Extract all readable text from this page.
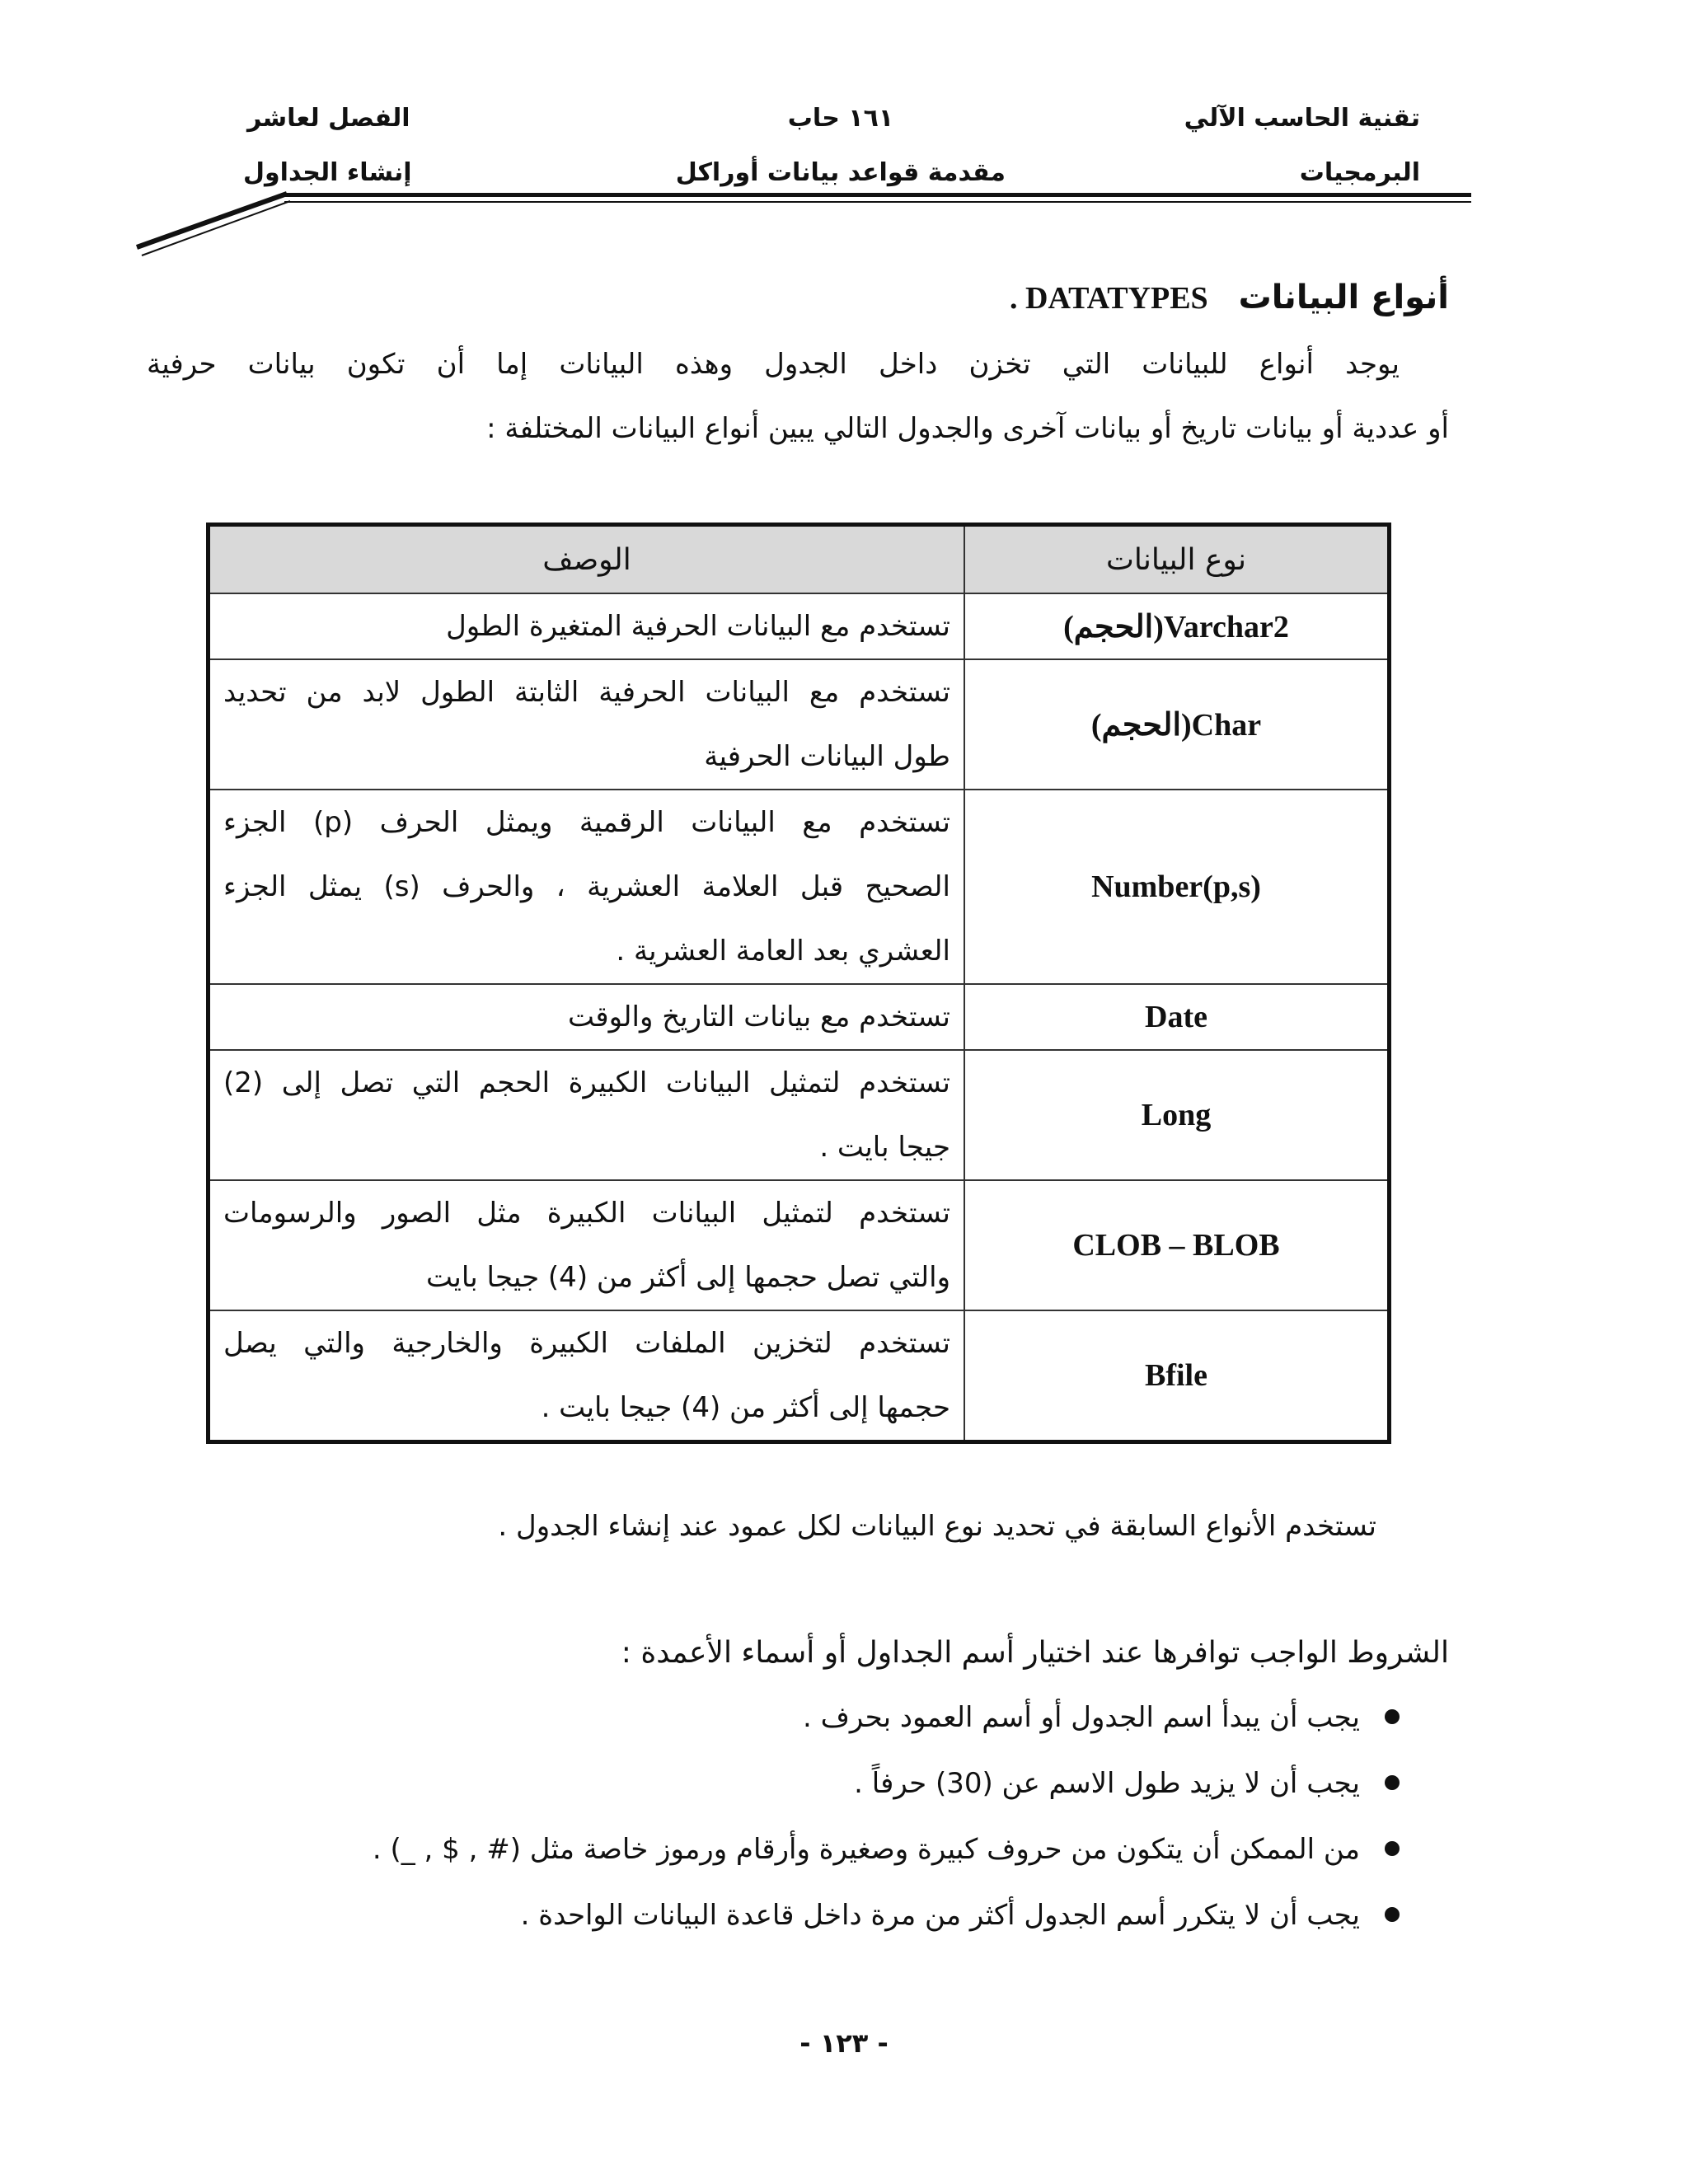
تقنية الحاسب الآلي
البرمجيات
١٦١ حاب
مقدمة قواعد بيانات أوراكل
الفصل لعاشر
إنشاء الجداول
أنواع البيانات
. DATATYPES
يوجد أنواع للبيانات التي تخزن داخل الجدول وهذه البيانات إما أن تكون بيانات حرفية
أو عددية أو بيانات تاريخ أو بيانات آخرى والجدول التالي يبين أنواع البيانات المختلفة :
نوع البيانات	الوصف
Varchar2(الحجم)	تستخدم مع البيانات الحرفية المتغيرة الطول

Char(الحجم)	تستخدم مع البيانات الحرفية الثابتة الطول لابد من تحديد
طول البيانات الحرفية

Number(p,s)	تستخدم مع البيانات الرقمية ويمثل الحرف (p) الجزء
الصحيح قبل العلامة العشرية ، والحرف (s) يمثل الجزء
العشري بعد العامة العشرية .

Date	تستخدم مع بيانات التاريخ والوقت

Long	تستخدم لتمثيل البيانات الكبيرة الحجم التي تصل إلى (2)
جيجا بايت .

CLOB – BLOB	تستخدم لتمثيل البيانات الكبيرة مثل الصور والرسومات
والتي تصل حجمها إلى أكثر من (4) جيجا بايت

Bfile	تستخدم لتخزين الملفات الكبيرة والخارجية والتي يصل
حجمها إلى أكثر من (4) جيجا بايت .
تستخدم الأنواع السابقة في تحديد نوع البيانات لكل عمود عند إنشاء الجدول .
الشروط الواجب توافرها عند اختيار أسم الجداول أو أسماء الأعمدة :
يجب أن يبدأ اسم الجدول أو أسم العمود بحرف .
يجب أن لا يزيد طول الاسم عن (30) حرفاً .
من الممكن أن يتكون من حروف كبيرة وصغيرة وأرقام ورموز خاصة مثل (# , $ , _) .
يجب أن لا يتكرر أسم الجدول أكثر من مرة داخل قاعدة البيانات الواحدة .
- ١٢٣ -
